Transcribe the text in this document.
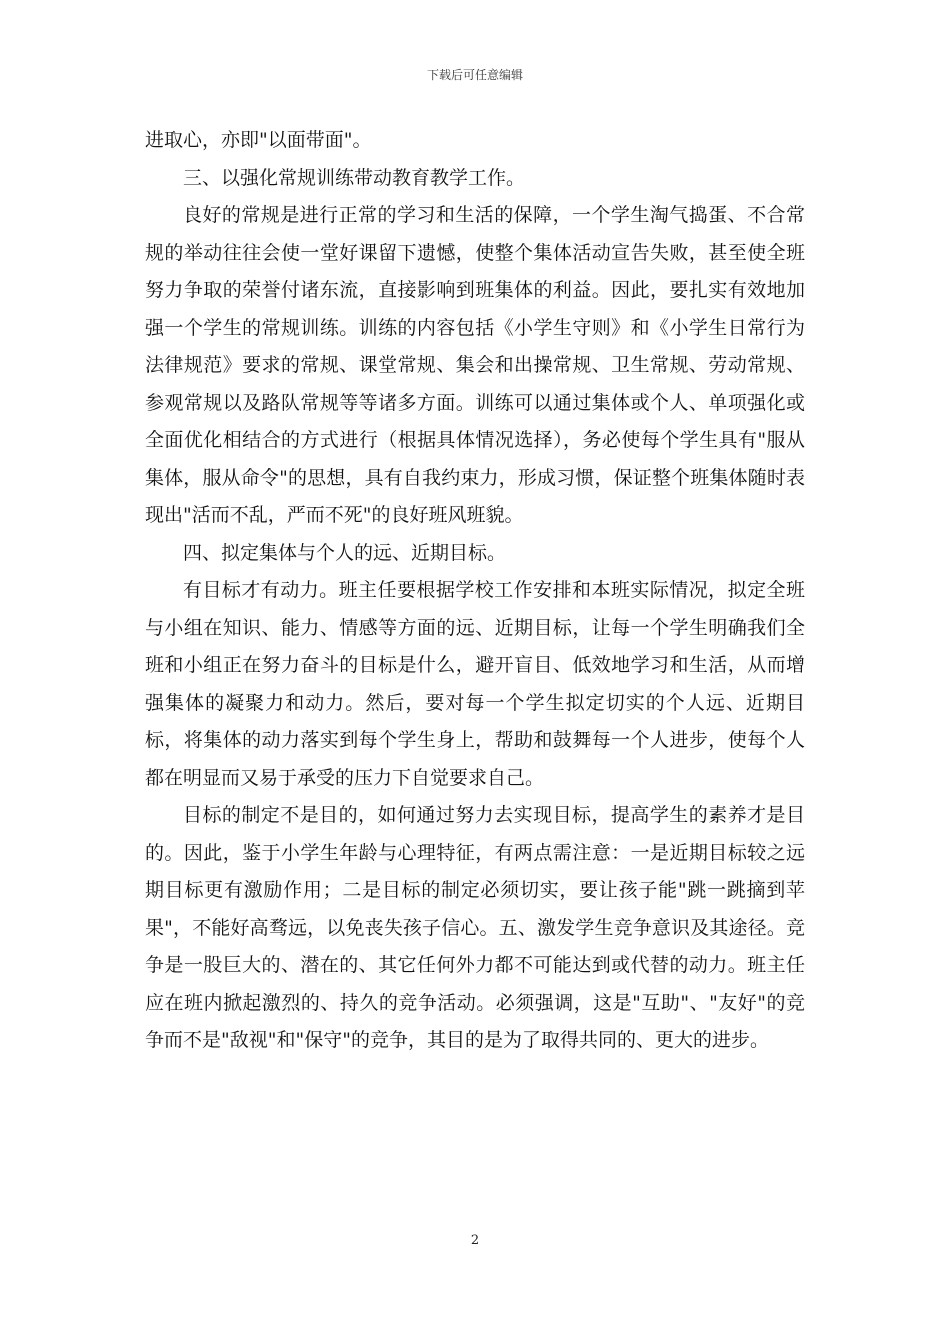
下载后可任意编辑

进取心，亦即"以面带面"。

三、以强化常规训练带动教育教学工作。

良好的常规是进行正常的学习和生活的保障，一个学生淘气捣蛋、不合常规的举动往往会使一堂好课留下遗憾，使整个集体活动宣告失败，甚至使全班努力争取的荣誉付诸东流，直接影响到班集体的利益。因此，要扎实有效地加强一个学生的常规训练。训练的内容包括《小学生守则》和《小学生日常行为法律规范》要求的常规、课堂常规、集会和出操常规、卫生常规、劳动常规、参观常规以及路队常规等等诸多方面。训练可以通过集体或个人、单项强化或全面优化相结合的方式进行（根据具体情况选择），务必使每个学生具有"服从集体，服从命令"的思想，具有自我约束力，形成习惯，保证整个班集体随时表现出"活而不乱，严而不死"的良好班风班貌。

四、拟定集体与个人的远、近期目标。

有目标才有动力。班主任要根据学校工作安排和本班实际情况，拟定全班与小组在知识、能力、情感等方面的远、近期目标，让每一个学生明确我们全班和小组正在努力奋斗的目标是什么，避开盲目、低效地学习和生活，从而增强集体的凝聚力和动力。然后，要对每一个学生拟定切实的个人远、近期目标，将集体的动力落实到每个学生身上，帮助和鼓舞每一个人进步，使每个人都在明显而又易于承受的压力下自觉要求自己。

目标的制定不是目的，如何通过努力去实现目标，提高学生的素养才是目的。因此，鉴于小学生年龄与心理特征，有两点需注意：一是近期目标较之远期目标更有激励作用；二是目标的制定必须切实，要让孩子能"跳一跳摘到苹果"，不能好高骛远，以免丧失孩子信心。五、激发学生竞争意识及其途径。竞争是一股巨大的、潜在的、其它任何外力都不可能达到或代替的动力。班主任应在班内掀起激烈的、持久的竞争活动。必须强调，这是"互助"、"友好"的竞争而不是"敌视"和"保守"的竞争，其目的是为了取得共同的、更大的进步。

2
